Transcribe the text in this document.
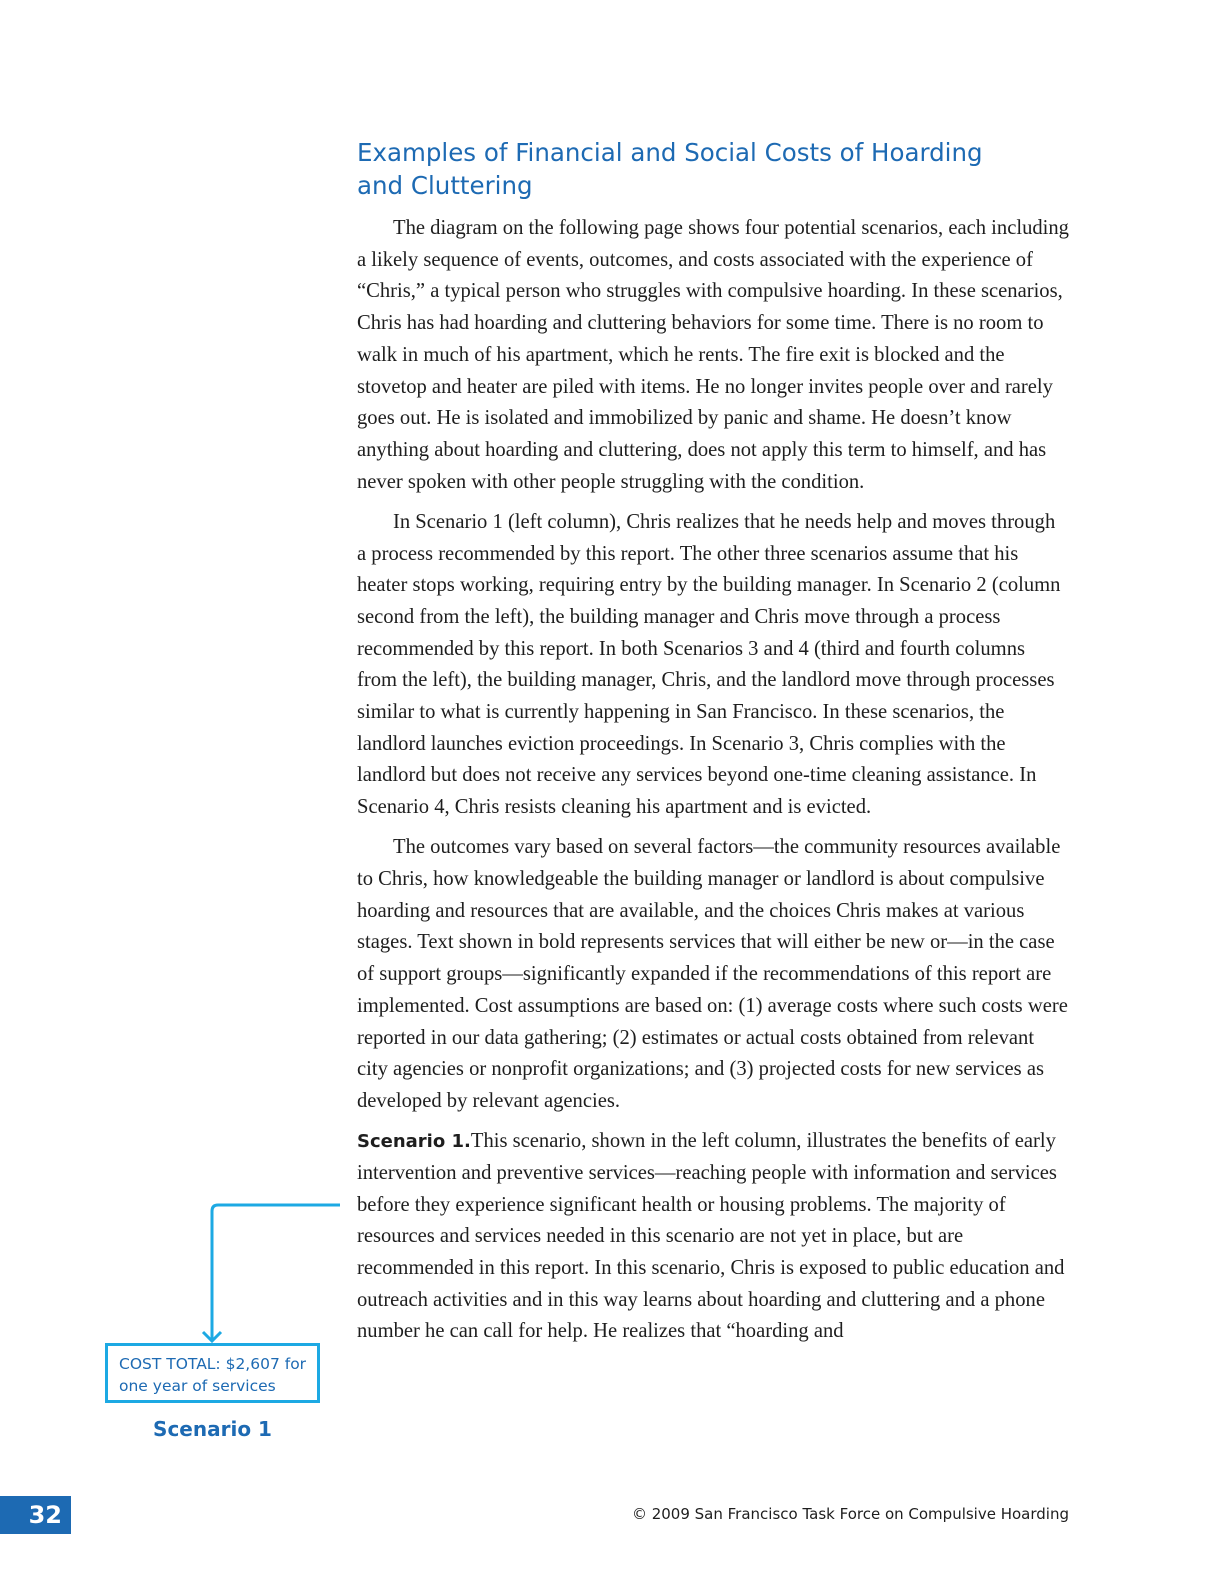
Examples of Financial and Social Costs of Hoarding and Cluttering

The diagram on the following page shows four potential scenarios, each including a likely sequence of events, outcomes, and costs associated with the experience of “Chris,” a typical person who struggles with compulsive hoarding. In these scenarios, Chris has had hoarding and cluttering behaviors for some time. There is no room to walk in much of his apartment, which he rents. The fire exit is blocked and the stovetop and heater are piled with items. He no longer invites people over and rarely goes out. He is isolated and immobilized by panic and shame. He doesn’t know anything about hoarding and cluttering, does not apply this term to himself, and has never spoken with other people struggling with the condition.

In Scenario 1 (left column), Chris realizes that he needs help and moves through a process recommended by this report. The other three scenarios assume that his heater stops working, requiring entry by the building manager. In Scenario 2 (column second from the left), the building manager and Chris move through a process recommended by this report. In both Scenarios 3 and 4 (third and fourth columns from the left), the building manager, Chris, and the landlord move through processes similar to what is currently happening in San Francisco. In these scenarios, the landlord launches eviction proceedings. In Scenario 3, Chris complies with the landlord but does not receive any services beyond one-time cleaning assistance. In Scenario 4, Chris resists cleaning his apartment and is evicted.

The outcomes vary based on several factors—the community resources available to Chris, how knowledgeable the building manager or landlord is about compulsive hoarding and resources that are available, and the choices Chris makes at various stages. Text shown in bold represents services that will either be new or—in the case of support groups—significantly expanded if the recommendations of this report are implemented. Cost assumptions are based on: (1) average costs where such costs were reported in our data gathering; (2) estimates or actual costs obtained from relevant city agencies or nonprofit organizations; and (3) projected costs for new services as developed by relevant agencies.

Scenario 1.This scenario, shown in the left column, illustrates the benefits of early intervention and preventive services—reaching people with information and services before they experience significant health or housing problems. The majority of resources and services needed in this scenario are not yet in place, but are recommended in this report. In this scenario, Chris is exposed to public education and outreach activities and in this way learns about hoarding and cluttering and a phone number he can call for help. He realizes that “hoarding and

COST TOTAL: $2,607 for
one year of services
Scenario 1
32	© 2009 San Francisco Task Force on Compulsive Hoarding
